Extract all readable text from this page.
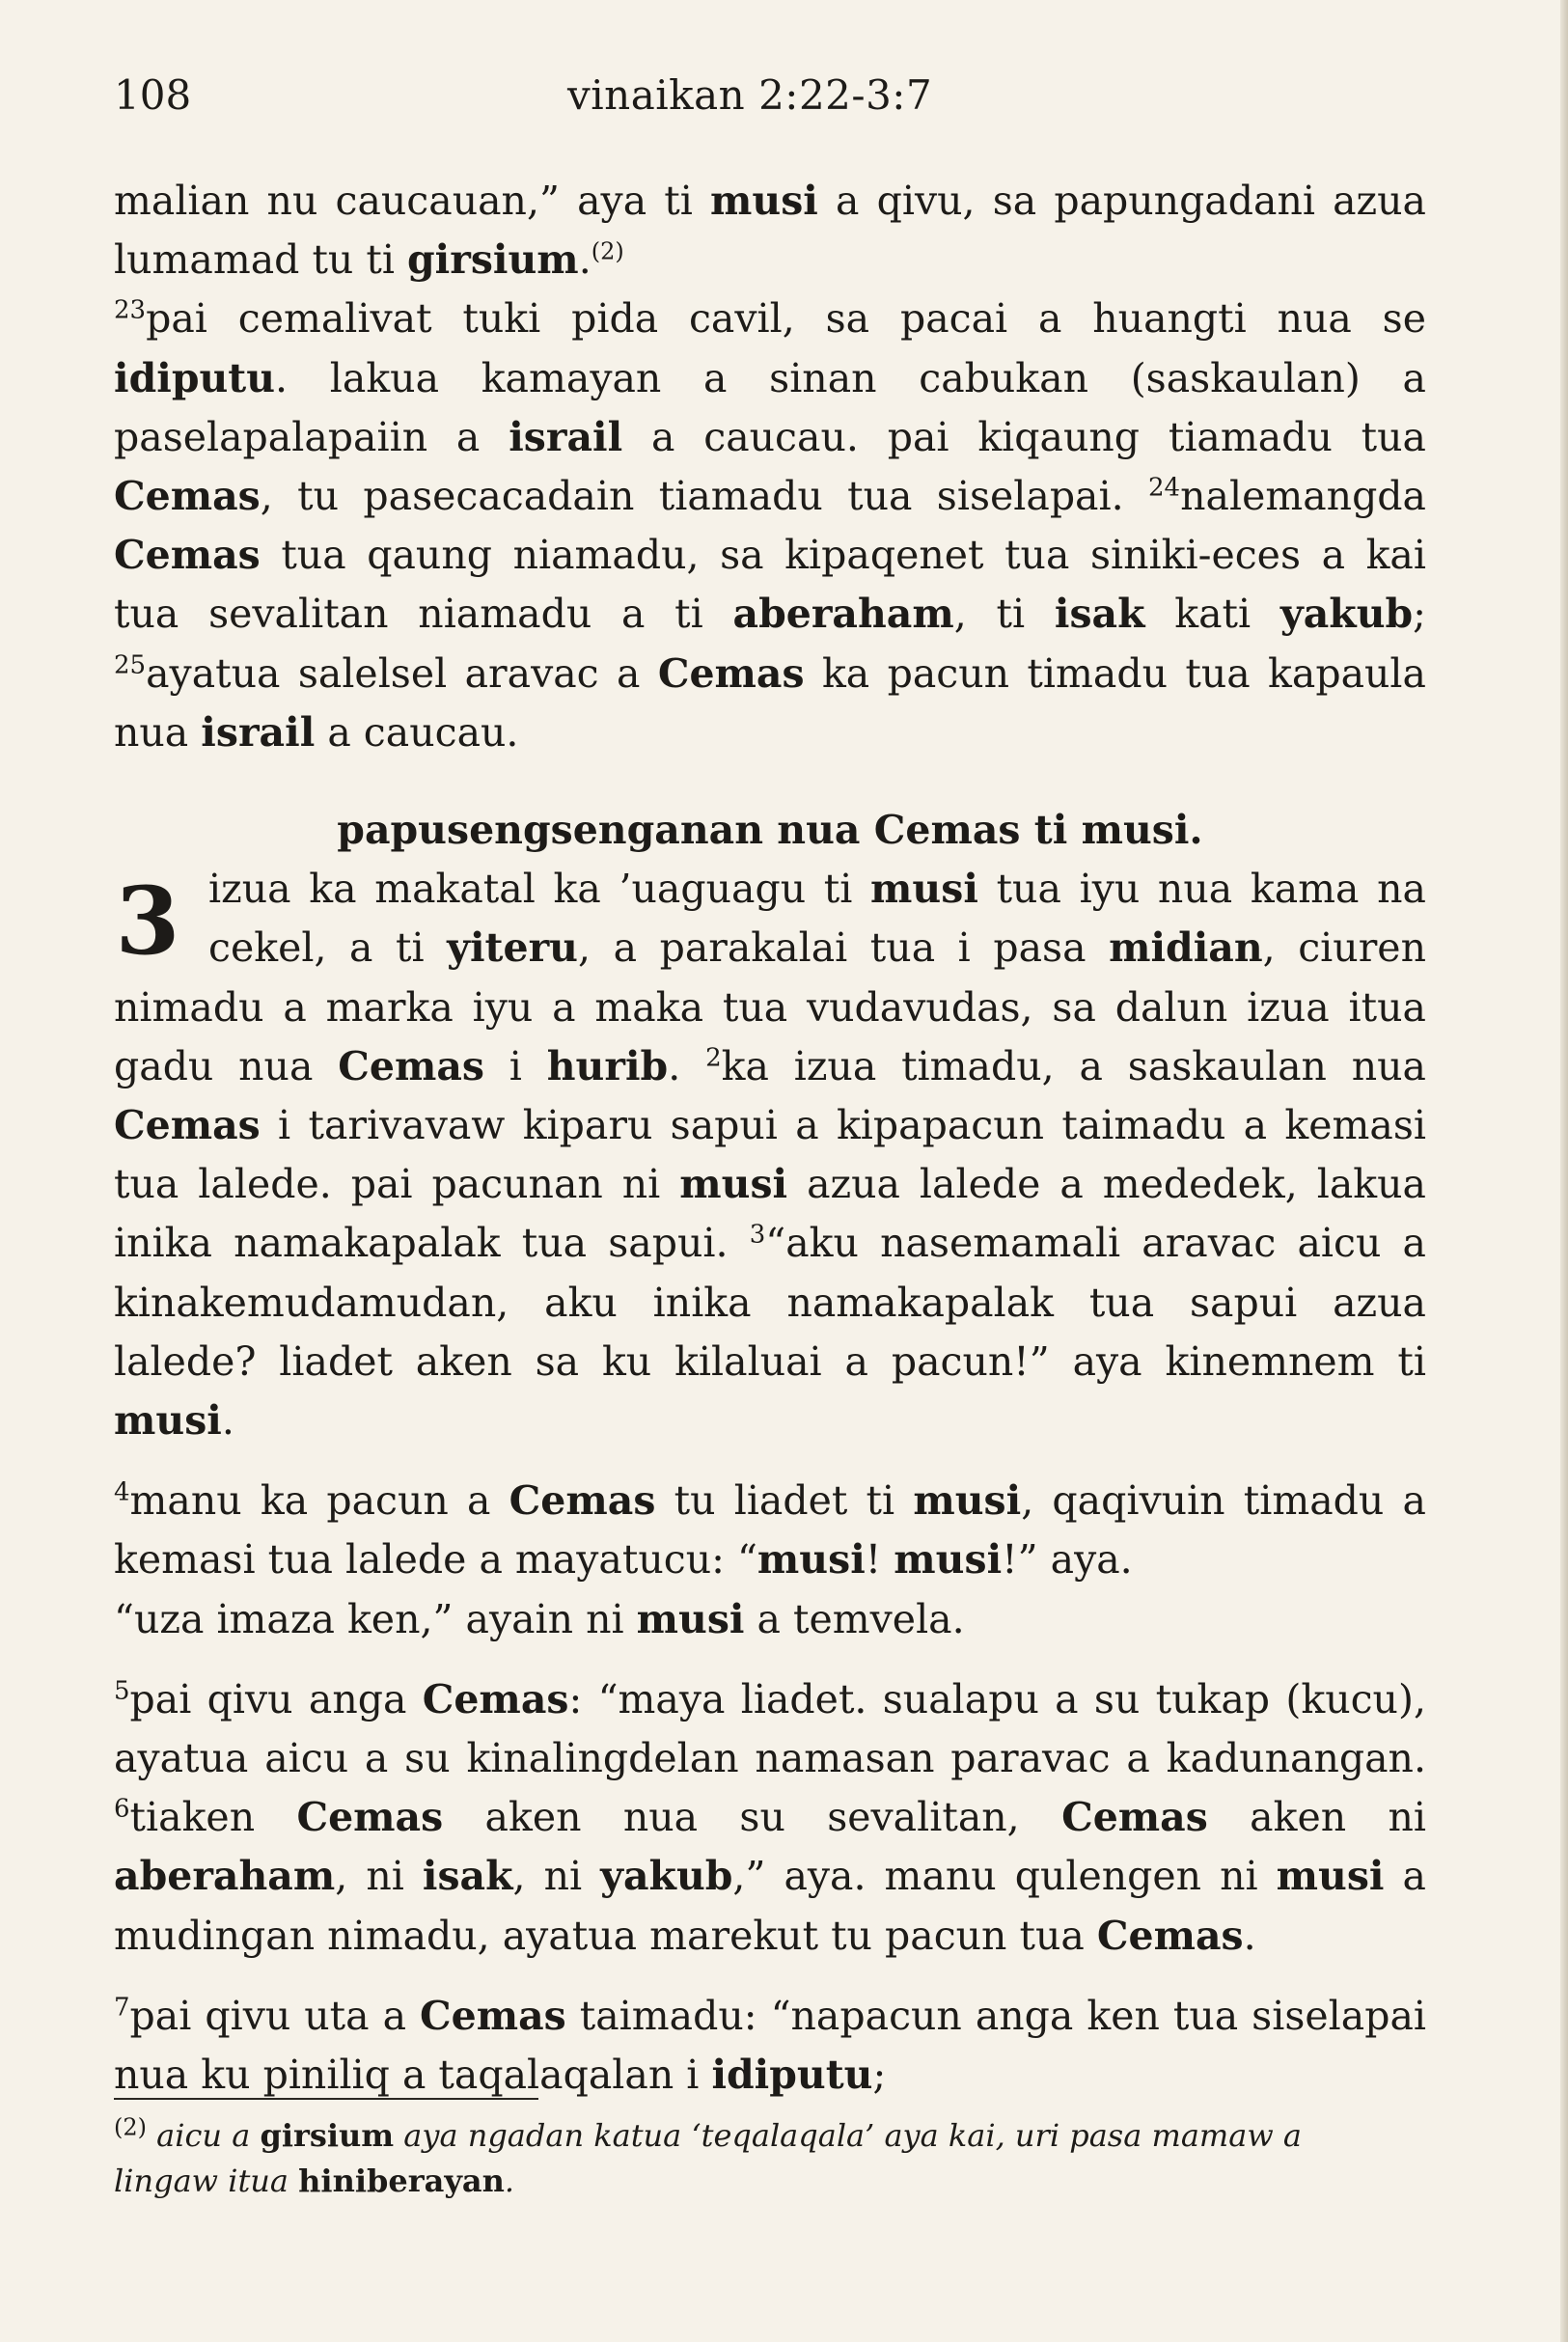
108	vinaikan 2:22-3:7

malian nu caucauan,” aya ti musi a qivu, sa papungadani azua lumamad tu ti girsium.$^{(2)}$

$^{23}$pai cemalivat tuki pida cavil, sa pacai a huangti nua se idiputu. lakua kamayan a sinan cabukan (saskaulan) a paselapalapaiin a israil a caucau. pai kiqaung tiamadu tua Cemas, tu pasecacadain tiamadu tua siselapai. $^{24}$nalemangda Cemas tua qaung niamadu, sa kipaqenet tua siniki-eces a kai tua sevalitan niamadu a ti aberaham, ti isak kati yakub; $^{25}$ayatua salelsel aravac a Cemas ka pacun timadu tua kapaula nua israil a caucau.

papusengsenganan nua Cemas ti musi.

3 izua ka makatal ka ’uaguagu ti musi tua iyu nua kama na cekel, a ti yiteru, a parakalai tua i pasa midian, ciuren nimadu a marka iyu a maka tua vudavudas, sa dalun izua itua gadu nua Cemas i hurib. $^2$ka izua timadu, a saskaulan nua Cemas i tarivavaw kiparu sapui a kipapacun taimadu a kemasi tua lalede. pai pacunan ni musi azua lalede a mededek, lakua inika namakapalak tua sapui. $^3$“aku nasemamali aravac aicu a kinakemudamudan, aku inika namakapalak tua sapui azua lalede? liadet aken sa ku kilaluai a pacun!” aya kinemnem ti musi.

$^4$manu ka pacun a Cemas tu liadet ti musi, qaqivuin timadu a kemasi tua lalede a mayatucu: “musi! musi!” aya.

“uza imaza ken,” ayain ni musi a temvela.

$^5$pai qivu anga Cemas: “maya liadet. sualapu a su tukap (kucu), ayatua aicu a su kinalingdelan namasan paravac a kadunangan. $^6$tiaken Cemas aken nua su sevalitan, Cemas aken ni aberaham, ni isak, ni yakub,” aya. manu qulengen ni musi a mudingan nimadu, ayatua marekut tu pacun tua Cemas.

$^7$pai qivu uta a Cemas taimadu: “napacun anga ken tua siselapai nua ku piniliq a taqalaqalan i idiputu;

$^{(2)}$ aicu a girsium aya ngadan katua ‘teqalaqala’ aya kai, uri pasa mamaw a lingaw itua hiniberayan.
